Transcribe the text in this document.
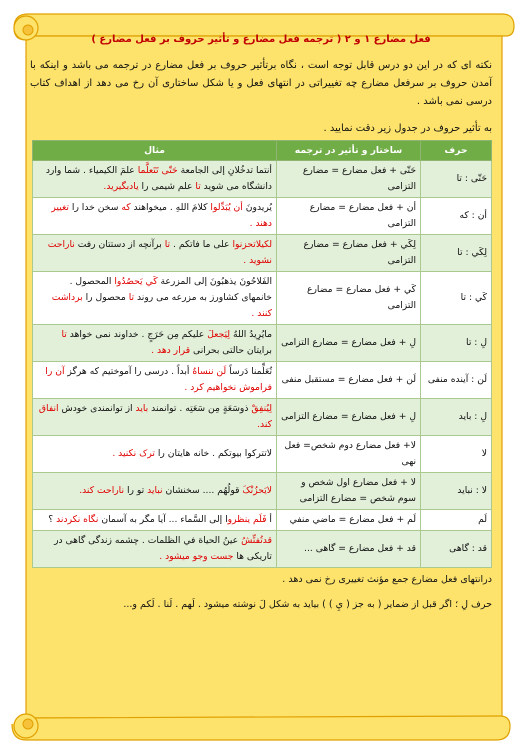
فعل مضارع ۱ و ۲ ( ترجمه فعل مضارع و تأثیر حروف بر فعل مضارع )

نکته ای که در این دو درس قابل توجه است ، نگاه برتأثیر حروف بر فعل مضارع در ترجمه می باشد و اینکه با آمدن حروف بر سرفعل مضارع چه تغییراتی در انتهای فعل و یا شکل ساختاری آن رخ می دهد از اهداف کتاب درسی نمی باشد .

به تأثیر حروف در جدول زیر دقت نمایید .

حرف	ساختار و تأثیر در ترجمه	مثال
حَتّی : تا	حَتّی + فعل مضارع = مضارع التزامی	أنتما تدخُلانِ إلی الجامعة حَتّی تَتَعلَّما علمَ الکیمیاء . شما وارد دانشگاه می شوید تا علم شیمی را یادبگیرید.
أن : که	أن + فعل مضارع = مضارع التزامی	یُریدونَ أن یُبَدِّلوا کلامَ اللهِ . میخواهند که سخن خدا را تغییر دهند .
لِکَي : تا	لِکَي + فعل مضارع = مضارع التزامی	لکیلاتحزنوا علی ما فاتکم . تا برآنچه از دستتان رفت ناراحت نشوید .
کَي : تا	کَي + فعل مضارع = مضارع التزامی	الفَلاحُونَ یذهبُونَ إلی المزرعة کَي یَحصُدُوا المحصول . خانمهای کشاورز به مزرعه می روند تا محصول را برداشت کنند .
لِ : تا	لِ + فعل مضارع = مضارع التزامی	مایُرِیدُ اللهُ لِیَجعلَ علیکم مِن حَرَجٍ . خداوند نمی خواهد تا برایتان حالتی بحرانی قرار دهد .
لَن : آینده منفی	لَن + فعل مضارع = مستقبل منفی	تُعَلِّمنا دَرساً لَن ننساهُ أبداً . درسی را آموختیم که هرگز آن را فراموش نخواهیم کرد .
لِ : باید	لِ + فعل مضارع = مضارع التزامی	لِیُنفِقْ ذوسَعَةٍ مِن سَعَتِه . توانمند باید از توانمندی خودش انفاق کند.
لا	لا+ فعل مضارع دوم شخص= فعل نهی	لاتترکوا بیوتکم . خانه هایتان را ترک نکنید .
لا : نباید	لا + فعل مضارع اول شخص و سوم شخص = مضارع التزامی	لایَحزُنْکَ قولُهُم .... سخنشان نباید تو را ناراحت کند.
لَم	لَم + فعل مضارع = ماضي منفي	أ فَلَم ینظروا إلی السَّماء ... آیا مگر به آسمان نگاه نکردند ؟
قد : گاهی	قد + فعل مضارع = گاهی ...	قدتُفتِّشُ عینُ الحیاة في الظلمات . چشمه زندگی گاهی در تاریکی ها جست وجو میشود .

درانتهای فعل مضارع جمع مؤنث تغییری رخ نمی دهد .

حرف لِ ؛ اگر قبل از ضمایر ( به جز ( يِ ) ) بیاید به شکل لَ نوشته میشود . لَهم . لَنا . لَکم و...
